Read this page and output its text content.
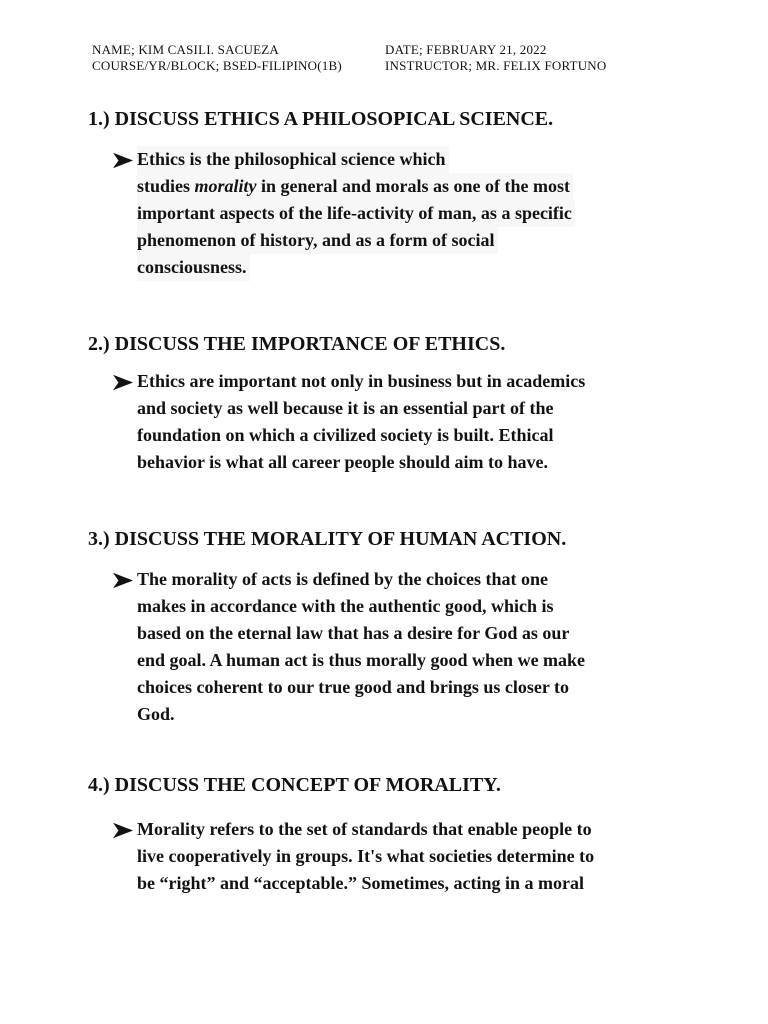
NAME; KIM CASILI. SACUEZA	DATE; FEBRUARY 21, 2022
COURSE/YR/BLOCK; BSED-FILIPINO(1B)	INSTRUCTOR; MR. FELIX FORTUNO
1.) DISCUSS ETHICS A PHILOSOPICAL SCIENCE.
Ethics is the philosophical science which
studies morality in general and morals as one of the most
important aspects of the life-activity of man, as a specific
phenomenon of history, and as a form of social
consciousness.
2.) DISCUSS THE IMPORTANCE OF ETHICS.
Ethics are important not only in business but in academics
and society as well because it is an essential part of the
foundation on which a civilized society is built. Ethical
behavior is what all career people should aim to have.
3.) DISCUSS THE MORALITY OF HUMAN ACTION.
The morality of acts is defined by the choices that one
makes in accordance with the authentic good, which is
based on the eternal law that has a desire for God as our
end goal. A human act is thus morally good when we make
choices coherent to our true good and brings us closer to
God.
4.) DISCUSS THE CONCEPT OF MORALITY.
Morality refers to the set of standards that enable people to
live cooperatively in groups. It's what societies determine to
be “right” and “acceptable.” Sometimes, acting in a moral
